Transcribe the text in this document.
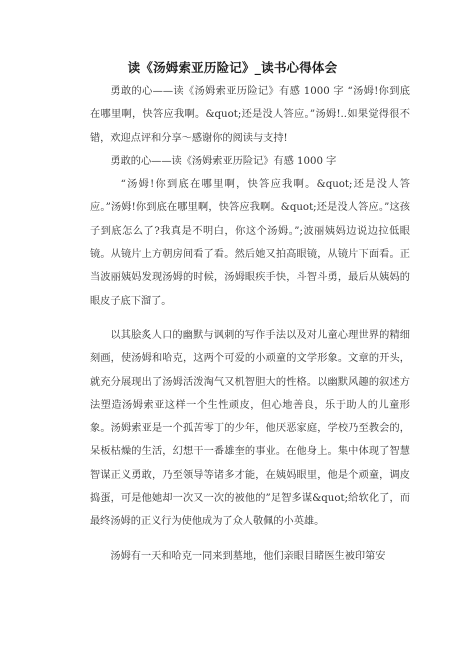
读《汤姆索亚历险记》_读书心得体会

勇敢的心——读《汤姆索亚历险记》有感 1000 字 “汤姆!你到底在哪里啊，快答应我啊。&quot;还是没人答应。”汤姆!..如果觉得很不错，欢迎点评和分享～感谢你的阅读与支持!

勇敢的心——读《汤姆索亚历险记》有感 1000 字

“汤姆!你到底在哪里啊，快答应我啊。&quot;还是没人答应。”汤姆!你到底在哪里啊，快答应我啊。&quot;还是没人答应。”这孩子到底怎么了?我真是不明白，你这个汤姆。”;波丽姨妈边说边拉低眼镜。从镜片上方朝房间看了看。然后她又拍高眼镜，从镜片下面看。正当波丽姨妈发现汤姆的时候，汤姆眼疾手快，斗智斗勇，最后从姨妈的眼皮子底下溜了。

以其脍炙人口的幽默与讽刺的写作手法以及对儿童心理世界的精细刻画，使汤姆和哈克，这两个可爱的小顽童的文学形象。文章的开头，就充分展现出了汤姆活泼淘气又机智胆大的性格。以幽默风趣的叙述方法塑造汤姆索亚这样一个生性顽皮，但心地善良，乐于助人的儿童形象。汤姆索亚是一个孤苦零丁的少年，他厌恶家庭，学校乃至教会的，呆板枯燥的生活，幻想干一番雄奎的事业。在他身上。集中体现了智慧智谋正义勇敢，乃至领导等诸多才能，在姨妈眼里，他是个顽童，调皮捣蛋，可是他她却一次又一次的被他的”足智多谋&quot;给软化了，而最终汤姆的正义行为使他成为了众人敬佩的小英雄。

汤姆有一天和哈克一同来到墓地，他们亲眼目睹医生被印第安
